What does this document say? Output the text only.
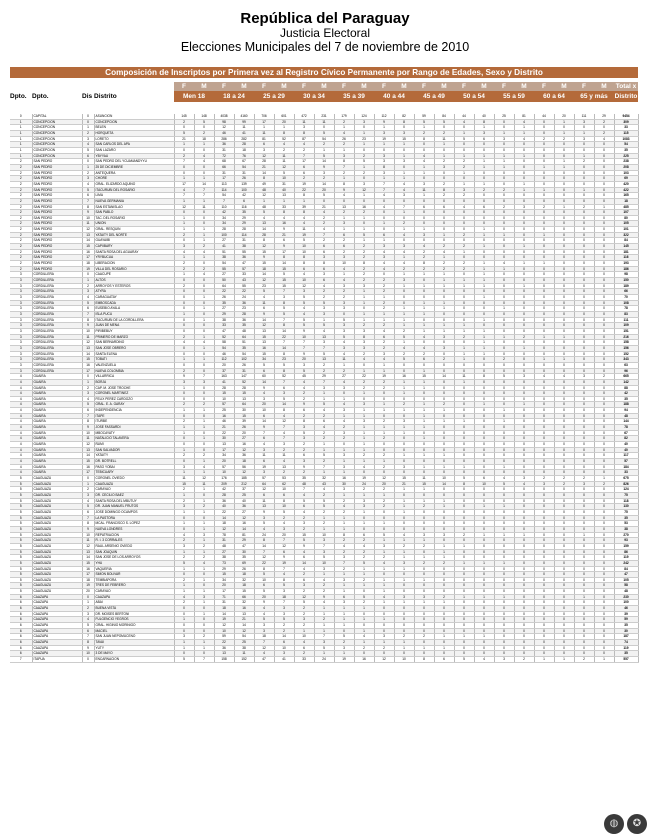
República del Paraguay
Justicia Electoral
Elecciones Municipales del 7 de noviembre de 2010
Composición de Inscriptos por Primera vez al Registro Cívico Permanente por Rango de Edades, Sexo y Distrito
				F	M	F	M	F	M	F	M	F	M	F	M	F	M	F	M	F	M	F	M	F	M	Total x
Dpto.	Dpto.	Dis	Distrito	Men 18		18 a 24		25 a 29		30 a 34		35 a 39		40 a 44		45 a 49		50 a 54		55 a 59		60 a 64		65 y más		Distrito

0	CAPITAL	0	ASUNCION	145	148	4038	4160	706	601	472	231	179	124	112	82	59	84	44	40	25	81	44	20	111	29	9454
1	CONCEPCION	0	CONCEPCION	2	5	98	99	17	20	11	11	2	3	9	8	5	5	4	8	0	4	0	1	3	2	309
1	CONCEPCION	1	BELEN	0	0	12	11	1	1	3	0	1	0	1	0	1	0	0	1	0	1	0	0	0	0	33
1	CONCEPCION	2	HORQUETA	5	2	46	41	11	8	8	5	4	1	3	3	2	2	1	3	1	1	0	1	1	2	115
1	CONCEPCION	3	LORETO	21	18	286	282	81	52	87	54	26	23	19	15	8	11	5	6	3	4	2	2	3	4	1083
1	CONCEPCION	4	SAN CARLOS DEL APA	1	1	36	28	6	4	4	2	2	1	1	1	0	1	0	0	0	0	0	0	0	0	54
1	CONCEPCION	5	SAN LAZARO	0	0	31	18	3	2	2	1	1	0	0	0	0	0	0	0	0	0	0	0	0	0	35
1	CONCEPCION	6	YBYYAU	2	4	72	76	12	11	7	5	3	2	3	1	4	1	1	1	1	1	0	0	1	0	225
2	SAN PEDRO	0	SAN PEDRO DEL YCUAMANDYYU	7	4	68	67	28	11	17	14	8	5	3	3	4	2	2	1	1	0	0	1	2	0	238
2	SAN PEDRO	1	25 DE DICIEMBRE	0	0	66	54	21	12	6	9	7	1	8	0	1	3	2	1	1	0	1	1	0	0	208
2	SAN PEDRO	2	ANTEQUERA	0	0	31	31	14	5	6	3	2	2	3	1	1	0	1	0	0	0	0	0	0	0	103
2	SAN PEDRO	3	CHORE	1	1	17	26	8	10	2	2	1	0	1	1	0	0	0	0	0	0	0	0	0	0	69
2	SAN PEDRO	4	GRAL. ELIZARDO AQUINO	17	14	113	139	49	31	19	14	8	3	7	4	3	2	1	1	0	1	0	0	0	0	420
2	SAN PEDRO	5	ITACURUBI DEL ROSARIO	4	7	114	100	48	40	22	20	9	12	7	4	11	8	3	2	2	1	1	0	1	0	422
2	SAN PEDRO	6	LIMA	7	7	54	42	12	13	8	5	4	1	4	3	1	2	2	0	0	0	0	0	0	0	165
2	SAN PEDRO	7	NUEVA GERMANIA	1	1	7	6	1	1	1	0	0	0	0	0	0	0	0	0	0	0	0	0	0	0	18
2	SAN PEDRO	8	SAN ESTANISLAO	12	11	110	116	48	33	39	21	13	16	4	7	6	6	4	6	2	3	2	1	2	1	485
2	SAN PEDRO	9	SAN PABLO	0	0	42	35	5	8	8	4	2	2	0	1	0	0	0	0	0	0	0	0	0	0	107
2	SAN PEDRO	10	TAC. DEL ROSARIO	1	0	34	29	4	4	4	2	1	1	0	0	0	0	0	0	0	0	0	0	0	0	80
2	SAN PEDRO	11	UNION	1	0	34	29	13	16	4	2	3	0	1	2	0	0	0	0	0	0	0	0	0	0	105
2	SAN PEDRO	12	GRAL. RESQUIN	1	1	28	28	14	9	11	4	1	1	0	1	1	0	0	1	0	0	0	0	0	0	101
2	SAN PEDRO	13	YATAITY DEL NORTE	2	1	100	114	28	21	19	7	6	5	6	4	3	1	2	1	1	0	1	0	0	0	322
2	SAN PEDRO	14	GUAYAIBI	0	1	27	31	8	6	5	2	2	1	1	0	0	0	0	0	0	0	0	0	0	0	84
2	SAN PEDRO	15	CAPIIBARY	3	2	41	38	12	9	10	6	6	2	3	3	4	2	2	1	0	1	0	0	0	0	145
2	SAN PEDRO	16	SANTA ROSA DEL AGUARAY	4	4	51	55	15	17	10	6	2	2	4	4	2	4	1	0	0	0	0	0	0	0	181
2	SAN PEDRO	17	YRYBUCUA	1	1	38	36	9	8	8	3	3	2	3	1	2	1	0	0	0	0	0	0	0	0	116
2	SAN PEDRO	18	LIBERACION	2	0	54	47	15	14	8	8	10	8	4	4	8	2	2	1	4	1	1	0	0	0	193
2	SAN PEDRO	19	VILLA DEL ROSARIO	2	2	55	57	18	15	6	6	4	2	4	2	2	2	2	1	1	0	0	0	0	0	186
3	CORDILLERA	0	CAACUPE	1	4	27	33	14	5	4	3	1	2	0	1	1	1	0	1	0	0	0	0	0	0	98
3	CORDILLERA	1	ALTOS	0	0	50	43	12	15	10	6	4	2	2	3	0	1	1	1	0	0	0	0	0	0	150
3	CORDILLERA	2	ARROYOS Y ESTEROS	2	0	64	55	23	15	12	4	3	3	2	1	1	1	1	1	0	1	0	0	0	0	189
3	CORDILLERA	3	ATYRA	0	0	22	22	5	7	3	2	2	1	2	0	0	0	0	0	0	0	0	0	0	0	66
3	CORDILLERA	4	CARAGUATAY	0	1	26	24	4	3	5	2	2	1	1	0	0	0	0	1	0	0	0	0	0	0	70
3	CORDILLERA	5	EMBOSCADA	0	0	35	36	11	8	5	5	3	1	2	0	1	1	0	0	0	0	0	0	0	0	108
3	CORDILLERA	6	EUSEBIO AYALA	0	1	27	23	6	5	4	3	3	0	2	1	1	1	0	0	1	0	0	0	0	0	78
3	CORDILLERA	7	ISLA PUCU	1	0	29	28	9	5	4	3	0	1	1	1	1	0	0	0	0	0	0	0	0	0	83
3	CORDILLERA	8	ITACURUBI DE LA CORDILLERA	0	1	38	36	14	7	5	1	5	1	1	1	0	0	0	1	0	0	0	0	0	0	111
3	CORDILLERA	9	JUAN DE MENA	0	0	33	35	12	8	5	5	3	2	2	1	1	1	1	0	0	0	0	0	0	0	109
3	CORDILLERA	10	PIRIBEBUY	0	0	47	48	13	14	9	4	3	3	4	2	1	1	1	1	0	0	0	0	0	0	151
3	CORDILLERA	11	PRIMERO DE MARZO	2	1	52	64	15	22	10	13	5	8	6	5	4	3	2	1	1	2	1	1	0	0	216
3	CORDILLERA	12	SAN BERNARDINO	4	4	58	51	13	7	7	3	4	3	2	1	0	0	0	1	0	0	0	0	0	0	158
3	CORDILLERA	13	SAN JOSE OBRERO	0	1	54	35	16	14	7	7	3	3	2	4	4	3	1	1	0	1	0	0	0	0	156
3	CORDILLERA	14	SANTA ELENA	0	0	46	54	15	8	9	5	4	2	3	2	2	0	1	1	0	0	0	0	0	0	152
3	CORDILLERA	15	TOBATI	1	1	112	102	34	23	20	13	11	4	4	5	6	2	1	0	2	0	1	1	0	0	343
3	CORDILLERA	16	VALENZUELA	0	0	20	26	5	5	3	2	1	0	1	0	0	0	0	0	0	0	0	0	0	0	63
3	CORDILLERA	17	NUEVA COLOMBIA	2	0	37	31	6	8	5	2	2	1	1	0	1	0	0	0	0	0	0	0	0	0	96
4	GUAIRA	0	VILLARRICA	9	7	163	147	60	52	45	29	27	22	19	16	15	14	11	8	5	3	4	4	3	2	665
4	GUAIRA	1	BORJA	3	3	41	52	14	7	4	7	4	2	2	1	1	0	1	0	0	0	0	0	0	0	142
4	GUAIRA	2	CAP. M. JOSE TROCHE	1	0	28	28	9	6	4	3	3	2	2	1	1	0	0	0	0	0	0	0	0	0	88
4	GUAIRA	3	CORONEL MARTINEZ	0	0	15	15	4	3	2	1	0	1	0	1	0	0	0	0	0	0	0	0	0	0	42
4	GUAIRA	4	FELIX PEREZ CARDOZO	0	0	10	13	3	5	2	1	1	0	0	0	0	0	0	0	0	0	0	0	0	0	35
4	GUAIRA	5	GRAL. E. A. GARAY	2	2	57	64	20	14	9	5	4	3	1	2	1	2	0	1	0	1	0	0	0	0	188
4	GUAIRA	6	INDEPENDENCIA	1	1	25	30	10	8	6	4	3	1	1	1	1	1	0	0	1	0	0	0	0	0	94
4	GUAIRA	7	ITAPE	0	0	16	15	6	4	2	2	1	1	0	0	1	0	0	0	0	0	0	0	0	0	48
4	GUAIRA	8	ITURBE	2	1	46	39	14	12	8	6	4	3	2	3	1	1	1	0	1	0	0	0	0	0	144
4	GUAIRA	9	JOSE FASSARDI	1	1	21	26	9	7	3	4	2	1	1	1	1	0	0	0	0	0	0	0	0	0	78
4	GUAIRA	10	MBOCAYATY	1	0	22	20	7	4	5	2	3	1	1	1	0	0	0	0	0	0	0	0	0	0	67
4	GUAIRA	11	NATALICIO TALAVERA	0	1	30	27	6	7	3	2	2	1	2	0	1	0	0	0	0	0	0	0	0	0	82
4	GUAIRA	12	ÑUMI	0	0	13	16	4	3	2	1	0	1	0	0	0	0	0	0	0	0	0	0	0	0	40
4	GUAIRA	13	SAN SALVADOR	1	0	17	12	3	2	2	1	1	1	0	0	0	0	0	0	0	0	0	0	0	0	40
4	GUAIRA	14	YATAITY	2	2	34	36	11	11	6	5	3	2	2	1	1	1	0	0	0	0	0	0	0	0	117
4	GUAIRA	15	DR. BOTRELL	0	1	20	18	6	4	3	2	1	1	1	0	0	0	0	0	0	0	0	0	0	0	57
4	GUAIRA	16	PASO YOBAI	3	4	57	56	19	13	9	7	3	4	2	3	1	1	1	0	1	0	0	0	0	0	184
4	GUAIRA	17	TEBICUARY	1	1	10	12	3	2	2	1	1	0	0	0	0	0	0	0	0	0	0	0	0	0	33
5	CAAGUAZU	0	CORONEL OVIEDO	11	12	176	185	57	53	35	32	16	19	12	15	11	10	5	6	4	3	2	2	2	1	675
5	CAAGUAZU	1	CAAGUAZU	15	11	209	212	64	62	48	43	30	24	20	21	15	14	8	10	5	4	3	2	3	2	826
5	CAAGUAZU	2	CARAYAO	2	1	42	37	12	10	7	4	3	2	2	1	1	0	0	0	0	0	0	0	0	0	124
5	CAAGUAZU	3	DR. CECILIO BAEZ	1	0	28	25	6	6	4	2	1	1	1	0	0	0	0	0	0	0	0	0	0	0	75
5	CAAGUAZU	4	SANTA ROSA DEL MBUTUY	2	1	36	40	11	8	5	5	2	3	2	1	1	1	0	0	0	0	0	0	0	0	118
5	CAAGUAZU	5	DR. JUAN MANUEL FRUTOS	3	2	40	36	13	10	6	5	4	3	2	1	2	1	0	1	1	0	0	0	0	0	130
5	CAAGUAZU	6	JOSE DOMINGO OCAMPOS	1	1	22	27	9	5	4	2	2	1	0	1	0	0	0	0	0	0	0	0	0	0	75
5	CAAGUAZU	7	LA PASTORA	0	0	14	12	3	2	2	1	1	0	0	0	0	0	0	0	0	0	0	0	0	0	35
5	CAAGUAZU	8	MCAL. FRANCISCO S. LOPEZ	1	1	18	16	5	4	3	2	1	1	1	0	0	0	0	0	0	0	0	0	0	0	53
5	CAAGUAZU	9	NUEVA LONDRES	0	1	12	14	4	3	2	1	1	0	0	0	0	0	0	0	0	0	0	0	0	0	38
5	CAAGUAZU	10	REPATRIACION	4	3	78	81	24	20	15	10	8	6	5	4	3	3	2	1	1	1	0	0	1	0	270
5	CAAGUAZU	11	R. I. 3 CORRALES	2	1	31	29	8	7	5	3	2	2	1	1	1	0	0	0	0	0	0	0	0	0	93
5	CAAGUAZU	12	RAUL ARSENIO OVIEDO	3	2	48	47	14	12	9	7	4	4	3	2	2	1	1	0	0	0	0	0	0	0	159
5	CAAGUAZU	13	SAN JOAQUIN	1	1	27	30	7	6	4	3	2	2	1	1	0	1	0	0	0	0	0	0	0	0	86
5	CAAGUAZU	14	SAN JOSE DE LOS ARROYOS	2	2	38	35	12	9	6	5	3	2	2	1	1	1	0	0	0	0	0	0	0	0	119
5	CAAGUAZU	15	YHU	5	4	73	69	22	19	14	10	7	5	4	3	2	2	1	1	1	0	0	0	0	0	242
5	CAAGUAZU	16	VAQUERIA	1	1	29	26	8	7	4	3	2	1	1	1	0	0	0	0	0	0	0	0	0	0	84
5	CAAGUAZU	17	SIMON BOLIVAR	0	0	15	18	5	4	2	1	1	1	0	0	0	0	0	0	0	0	0	0	0	0	47
5	CAAGUAZU	18	TEMBIAPORA	2	1	34	32	10	8	6	4	3	2	1	1	1	0	0	0	0	0	0	0	0	0	105
5	CAAGUAZU	19	TRES DE FEBRERO	1	0	20	18	6	5	3	2	1	1	1	0	0	0	0	0	0	0	0	0	0	0	58
5	CAAGUAZU	20	CARAYAO	1	1	17	15	5	3	2	2	1	0	1	0	0	0	0	0	0	0	0	0	0	0	48
6	CAAZAPA	0	CAAZAPA	4	3	71	66	20	18	12	9	6	5	4	3	3	2	1	1	1	0	0	0	1	0	230
6	CAAZAPA	1	ABAI	2	1	31	32	9	7	5	4	3	2	1	1	1	1	0	0	0	0	0	0	0	0	100
6	CAAZAPA	2	BUENA VISTA	0	0	18	16	4	3	2	1	1	1	0	0	0	0	0	0	0	0	0	0	0	0	46
6	CAAZAPA	3	DR. MOISES BERTONI	0	1	14	13	4	3	2	1	1	0	0	0	0	0	0	0	0	0	0	0	0	0	39
6	CAAZAPA	4	FULGENCIO YEGROS	1	0	19	21	5	5	3	2	1	1	1	0	0	0	0	0	0	0	0	0	0	0	59
6	CAAZAPA	5	GRAL. HIGINIO MORINIGO	0	0	12	14	3	2	2	1	1	0	0	0	0	0	0	0	0	0	0	0	0	0	35
6	CAAZAPA	6	MACIEL	0	0	10	12	3	2	1	1	0	1	0	0	0	0	0	0	0	0	0	0	0	0	30
6	CAAZAPA	7	SAN JUAN NEPOMUCENO	3	2	59	54	18	14	10	7	5	4	3	2	2	1	1	1	0	0	0	0	0	0	187
6	CAAZAPA	8	TAVAI	1	1	22	25	7	6	4	3	2	1	1	1	0	0	0	0	0	0	0	0	0	0	74
6	CAAZAPA	9	YUTY	1	1	36	38	12	10	6	5	3	2	2	1	1	1	0	0	0	0	0	0	0	0	119
6	CAAZAPA	10	3 DE MAYO	0	0	13	11	4	3	2	1	1	0	0	0	0	0	0	0	0	0	0	0	0	0	35
7	ITAPUA	0	ENCARNACION	5	7	158	152	47	41	33	24	19	16	12	10	8	6	5	4	3	2	1	1	2	1	557
◍	✪
